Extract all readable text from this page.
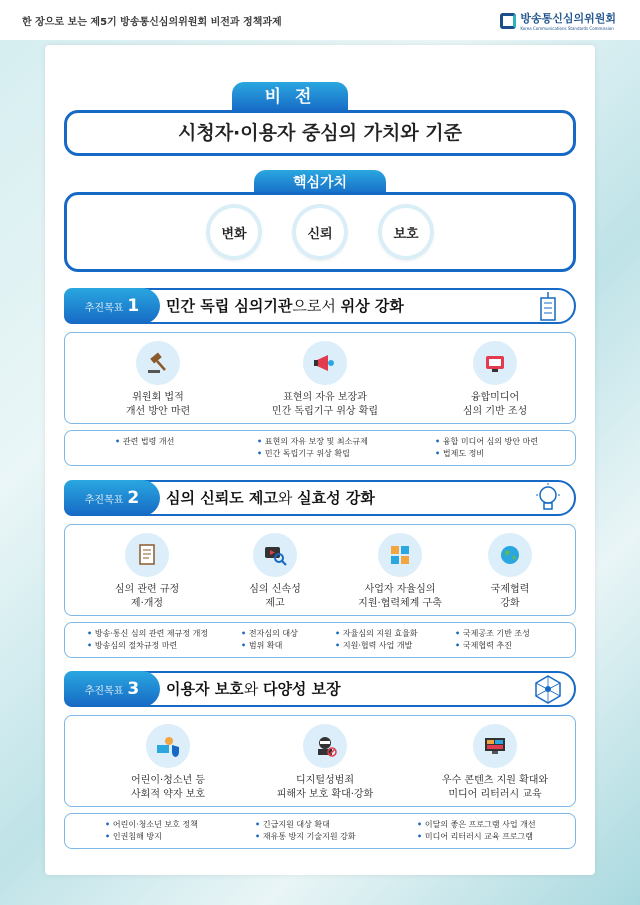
한 장으로 보는 제5기 방송통신심의위원회 비전과 정책과제	방송통신심의위원회
Korea Communications Standards Commission
비 전
시청자·이용자 중심의 가치와 기준
핵심가치
변화	신뢰	보호
추진목표 1 민간 독립 심의기관으로서 위상 강화
위원회 법적
개선 방안 마련
표현의 자유 보장과
민간 독립기구 위상 확립
융합미디어
심의 기반 조성
• 관련 법령 개선
•	표현의 자유 보장 및 최소규제
• 민간 독립기구 위상 확립
• 융합 미디어 심의 방안 마련
• 법제도 정비
추진목표 2 심의 신뢰도 제고와 실효성 강화
심의 관련 규정
제·개정
심의 신속성
제고
사업자 자율심의
지원·협력체계 구축
국제협력
강화
• 방송·통신 심의 관련 제규정 개정
• 방송심의 절차규정 마련
• 전자심의 대상
• 범위 확대
• 자율심의 지원 효율화
• 지원·협력 사업 개발
• 국제공조 기반 조성
• 국제협력 추진
추진목표 3 이용자 보호와 다양성 보장
어린이·청소년 등
사회적 약자 보호
디지털성범죄
피해자 보호 확대·강화
우수 콘텐츠 지원 확대와
미디어 리터러시 교육
• 어린이·청소년 보호 정책
• 인권침해 방지
• 긴급지원 대상 확대
• 재유통 방지 기술지원 강화
• 이달의 좋은 프로그램 사업 개선
• 미디어 리터러시 교육 프로그램
